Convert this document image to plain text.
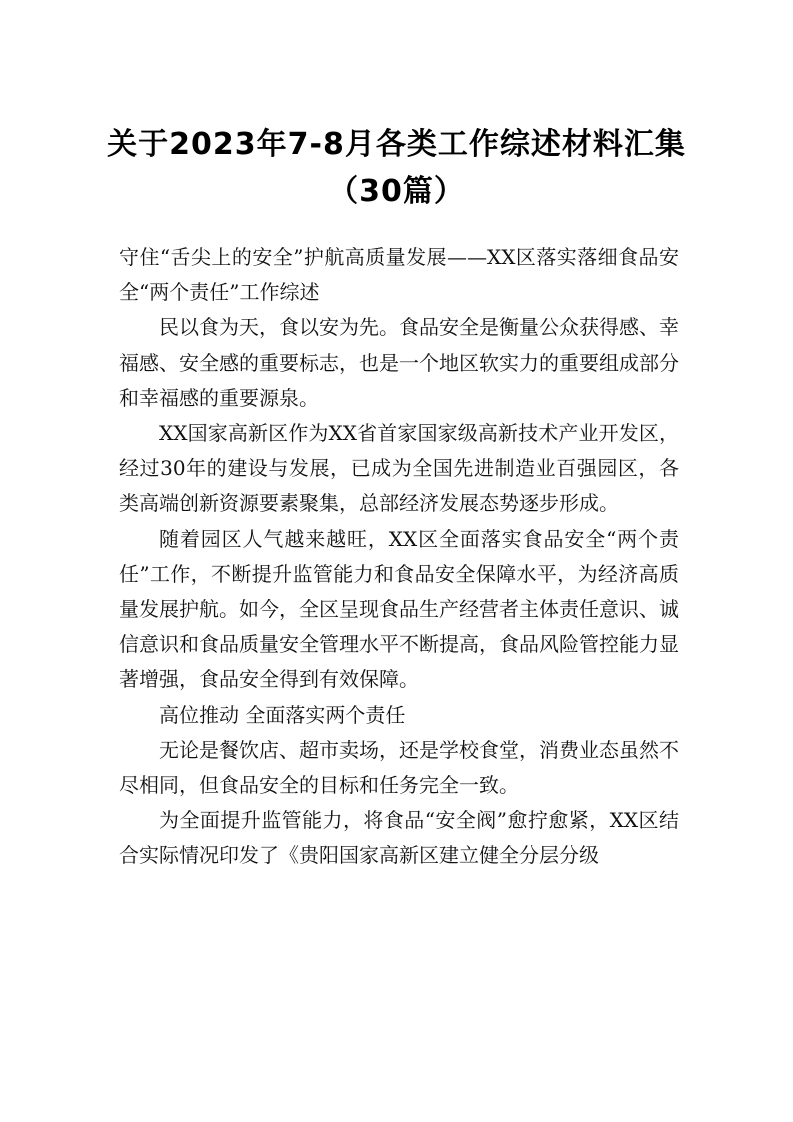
关于2023年7-8月各类工作综述材料汇集
（30篇）

守住“舌尖上的安全”护航高质量发展——XX区落实落细食品安全“两个责任”工作综述

民以食为天，食以安为先。食品安全是衡量公众获得感、幸福感、安全感的重要标志，也是一个地区软实力的重要组成部分和幸福感的重要源泉。

XX国家高新区作为XX省首家国家级高新技术产业开发区，经过30年的建设与发展，已成为全国先进制造业百强园区，各类高端创新资源要素聚集，总部经济发展态势逐步形成。

随着园区人气越来越旺，XX区全面落实食品安全“两个责任”工作，不断提升监管能力和食品安全保障水平，为经济高质量发展护航。如今，全区呈现食品生产经营者主体责任意识、诚信意识和食品质量安全管理水平不断提高，食品风险管控能力显著增强，食品安全得到有效保障。

高位推动 全面落实两个责任

无论是餐饮店、超市卖场，还是学校食堂，消费业态虽然不尽相同，但食品安全的目标和任务完全一致。

为全面提升监管能力，将食品“安全阀”愈拧愈紧，XX区结合实际情况印发了《贵阳国家高新区建立健全分层分级
